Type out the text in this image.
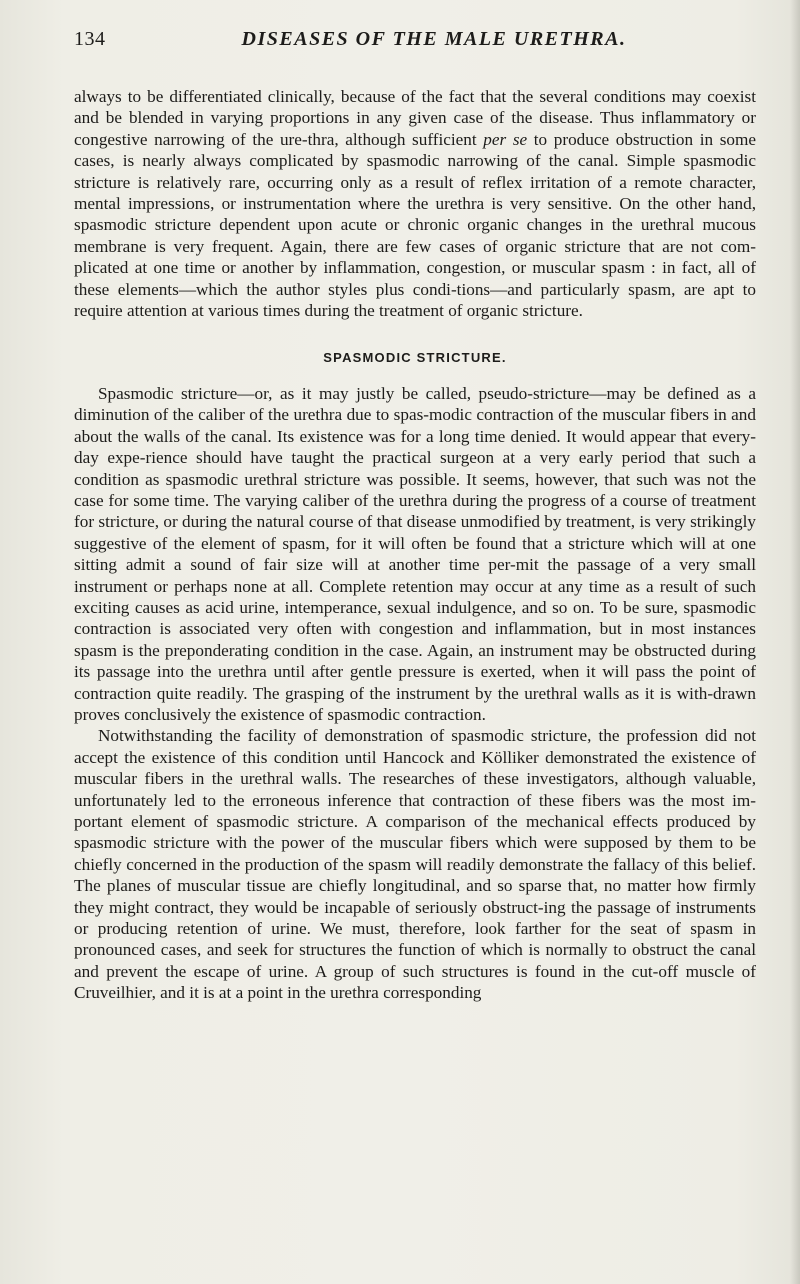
134	DISEASES OF THE MALE URETHRA.

always to be differentiated clinically, because of the fact that the several conditions may coexist and be blended in varying proportions in any given case of the disease. Thus inflammatory or congestive narrowing of the ure-thra, although sufficient per se to produce obstruction in some cases, is nearly always complicated by spasmodic narrowing of the canal. Simple spasmodic stricture is relatively rare, occurring only as a result of reflex irritation of a remote character, mental impressions, or instrumentation where the urethra is very sensitive. On the other hand, spasmodic stricture dependent upon acute or chronic organic changes in the urethral mucous membrane is very frequent. Again, there are few cases of organic stricture that are not com-plicated at one time or another by inflammation, congestion, or muscular spasm : in fact, all of these elements—which the author styles plus condi-tions—and particularly spasm, are apt to require attention at various times during the treatment of organic stricture.

SPASMODIC STRICTURE.

Spasmodic stricture—or, as it may justly be called, pseudo-stricture—may be defined as a diminution of the caliber of the urethra due to spas-modic contraction of the muscular fibers in and about the walls of the canal. Its existence was for a long time denied. It would appear that every-day expe-rience should have taught the practical surgeon at a very early period that such a condition as spasmodic urethral stricture was possible. It seems, however, that such was not the case for some time. The varying caliber of the urethra during the progress of a course of treatment for stricture, or during the natural course of that disease unmodified by treatment, is very strikingly suggestive of the element of spasm, for it will often be found that a stricture which will at one sitting admit a sound of fair size will at another time per-mit the passage of a very small instrument or perhaps none at all. Complete retention may occur at any time as a result of such exciting causes as acid urine, intemperance, sexual indulgence, and so on. To be sure, spasmodic contraction is associated very often with congestion and inflammation, but in most instances spasm is the preponderating condition in the case. Again, an instrument may be obstructed during its passage into the urethra until after gentle pressure is exerted, when it will pass the point of contraction quite readily. The grasping of the instrument by the urethral walls as it is with-drawn proves conclusively the existence of spasmodic contraction.

Notwithstanding the facility of demonstration of spasmodic stricture, the profession did not accept the existence of this condition until Hancock and Kölliker demonstrated the existence of muscular fibers in the urethral walls. The researches of these investigators, although valuable, unfortunately led to the erroneous inference that contraction of these fibers was the most im-portant element of spasmodic stricture. A comparison of the mechanical effects produced by spasmodic stricture with the power of the muscular fibers which were supposed by them to be chiefly concerned in the production of the spasm will readily demonstrate the fallacy of this belief. The planes of muscular tissue are chiefly longitudinal, and so sparse that, no matter how firmly they might contract, they would be incapable of seriously obstruct-ing the passage of instruments or producing retention of urine. We must, therefore, look farther for the seat of spasm in pronounced cases, and seek for structures the function of which is normally to obstruct the canal and prevent the escape of urine. A group of such structures is found in the cut-off muscle of Cruveilhier, and it is at a point in the urethra corresponding
